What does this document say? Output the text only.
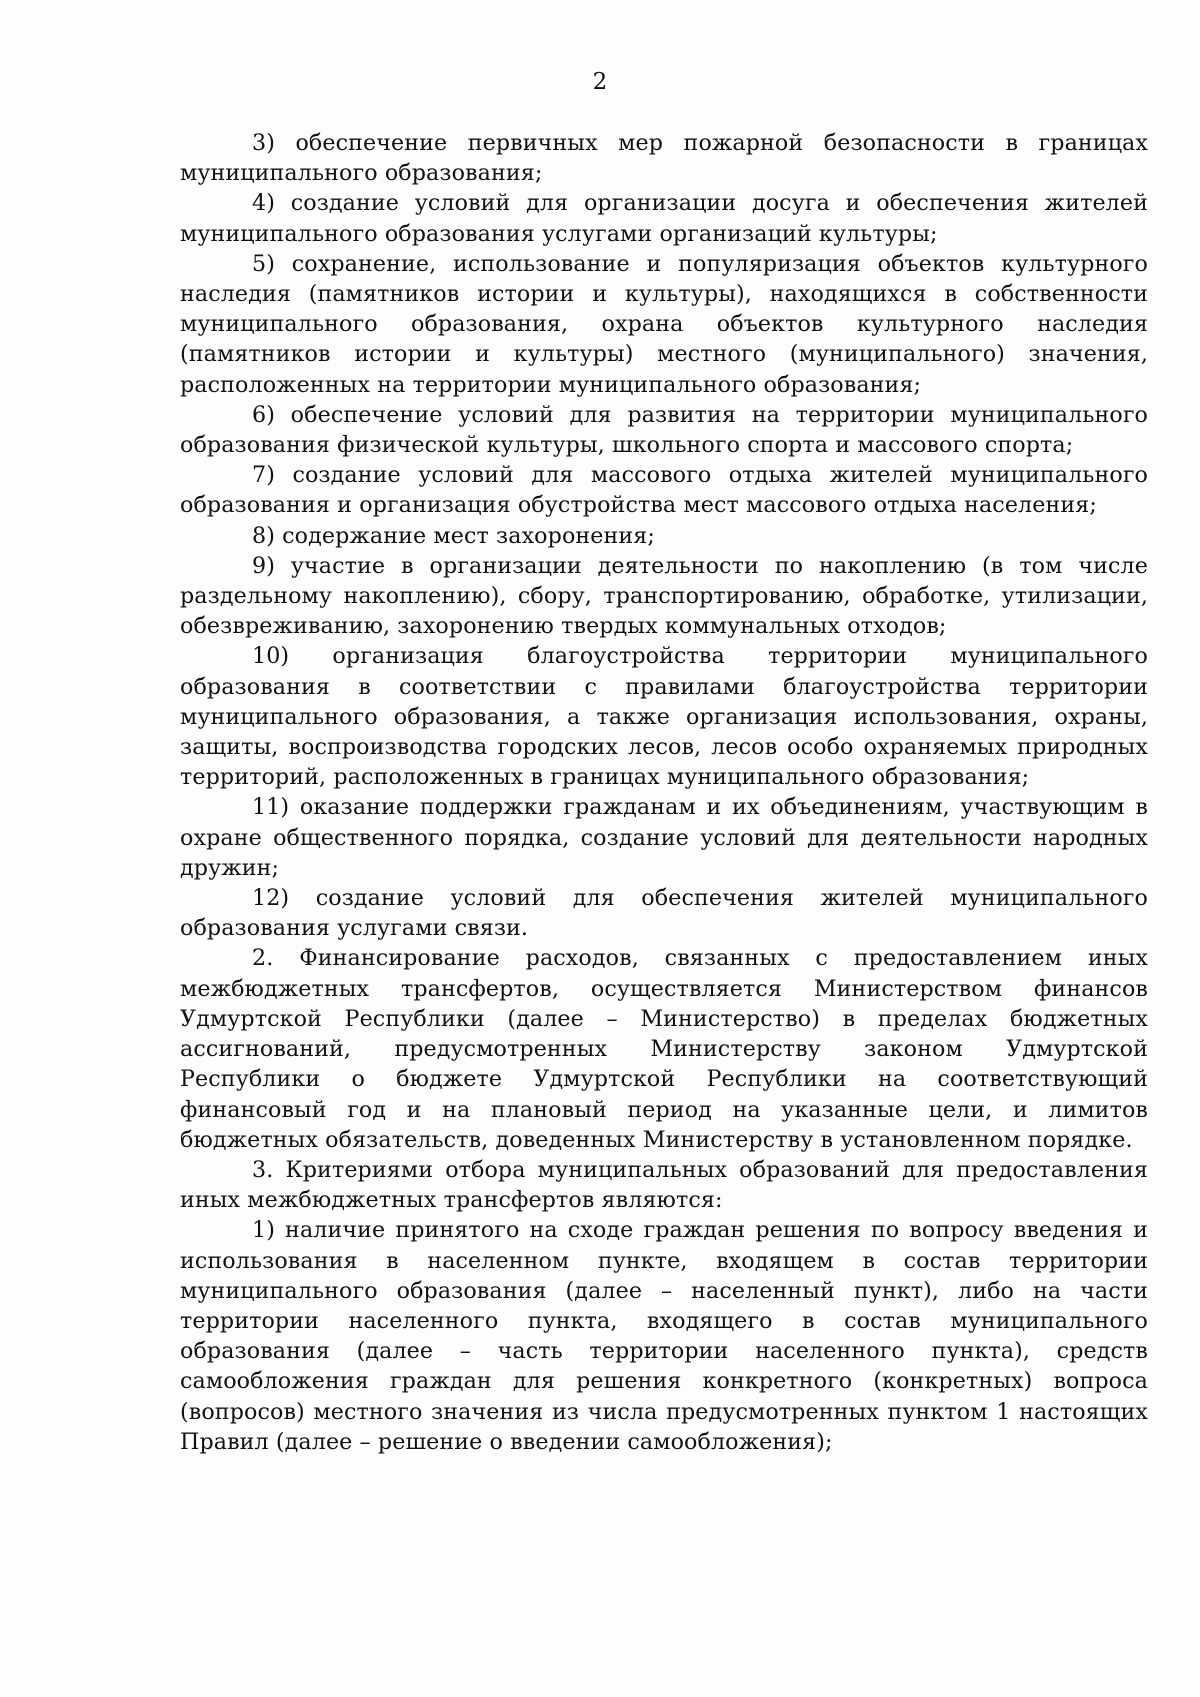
2

3) обеспечение первичных мер пожарной безопасности в границах муниципального образования;

4) создание условий для организации досуга и обеспечения жителей муниципального образования услугами организаций культуры;

5) сохранение, использование и популяризация объектов культурного наследия (памятников истории и культуры), находящихся в собственности муниципального образования, охрана объектов культурного наследия (памятников истории и культуры) местного (муниципального) значения, расположенных на территории муниципального образования;

6) обеспечение условий для развития на территории муниципального образования физической культуры, школьного спорта и массового спорта;

7) создание условий для массового отдыха жителей муниципального образования и организация обустройства мест массового отдыха населения;

8) содержание мест захоронения;

9) участие в организации деятельности по накоплению (в том числе раздельному накоплению), сбору, транспортированию, обработке, утилизации, обезвреживанию, захоронению твердых коммунальных отходов;

10) организация благоустройства территории муниципального образования в соответствии с правилами благоустройства территории муниципального образования, а также организация использования, охраны, защиты, воспроизводства городских лесов, лесов особо охраняемых природных территорий, расположенных в границах муниципального образования;

11) оказание поддержки гражданам и их объединениям, участвующим в охране общественного порядка, создание условий для деятельности народных дружин;

12) создание условий для обеспечения жителей муниципального образования услугами связи.

2. Финансирование расходов, связанных с предоставлением иных межбюджетных трансфертов, осуществляется Министерством финансов Удмуртской Республики (далее – Министерство) в пределах бюджетных ассигнований, предусмотренных Министерству законом Удмуртской Республики о бюджете Удмуртской Республики на соответствующий финансовый год и на плановый период на указанные цели, и лимитов бюджетных обязательств, доведенных Министерству в установленном порядке.

3. Критериями отбора муниципальных образований для предоставления иных межбюджетных трансфертов являются:

1) наличие принятого на сходе граждан решения по вопросу введения и использования в населенном пункте, входящем в состав территории муниципального образования (далее – населенный пункт), либо на части территории населенного пункта, входящего в состав муниципального образования (далее – часть территории населенного пункта), средств самообложения граждан для решения конкретного (конкретных) вопроса (вопросов) местного значения из числа предусмотренных пунктом 1 настоящих Правил (далее – решение о введении самообложения);
